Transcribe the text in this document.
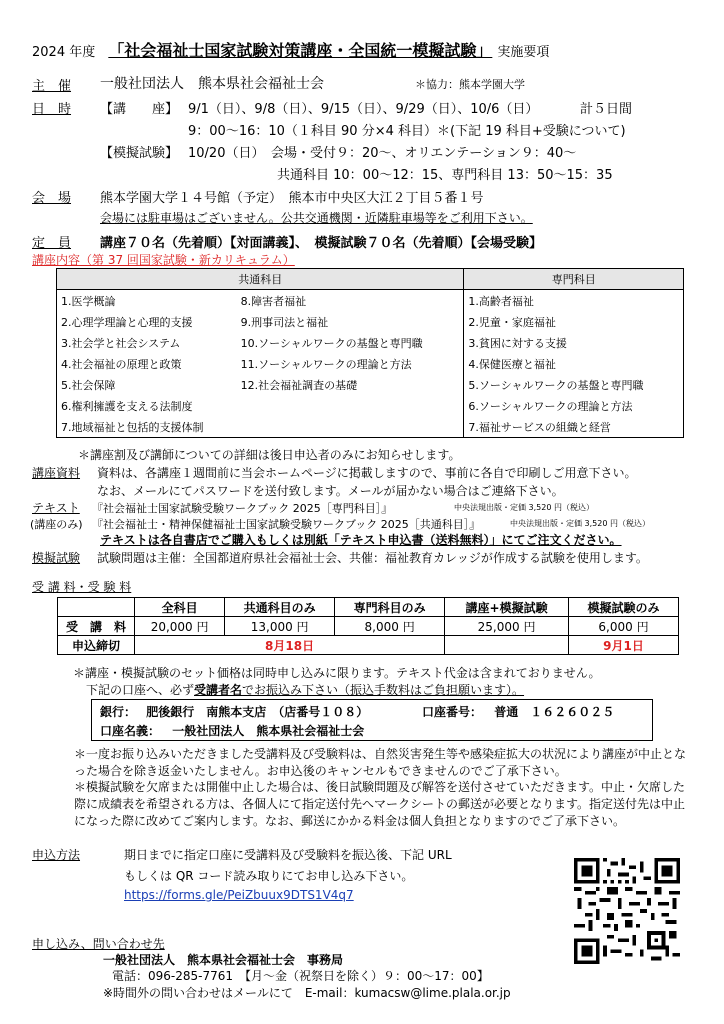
2024 年度 「社会福祉士国家試験対策講座・全国統一模擬試験」 実施要項
主　催 一般社団法人　熊本県社会福祉士会	＊協力：熊本学園大学
日　時 【講　　座】 9/1（日）、9/8（日）、9/15（日）、9/29（日）、10/6（日）	計５日間
9：00～16：10（１科目 90 分×4 科目）＊(下記 19 科目+受験について)
【模擬試験】 10/20（日）　会場・受付９：20～、オリエンテーション９：40～
共通科目 10：00～12：15、専門科目 13：50～15：35
会　場 熊本学園大学１４号館（予定）　熊本市中央区大江２丁目５番１号
会場には駐車場はございません。公共交通機関・近隣駐車場等をご利用下さい。
定　員 講座７０名（先着順）【対面講義】、　模擬試験７０名（先着順）【会場受験】
講座内容（第 37 回国家試験・新カリキュラム）
共通科目		専門科目
1.医学概論	8.障害者福祉	1.高齢者福祉
2.心理学理論と心理的支援	9.刑事司法と福祉	2.児童・家庭福祉
3.社会学と社会システム	10.ソーシャルワークの基盤と専門職	3.貧困に対する支援
4.社会福祉の原理と政策	11.ソーシャルワークの理論と方法	4.保健医療と福祉
5.社会保障	12.社会福祉調査の基礎	5.ソーシャルワークの基盤と専門職
6.権利擁護を支える法制度		6.ソーシャルワークの理論と方法
7.地域福祉と包括的支援体制		7.福祉サービスの組織と経営
＊講座割及び講師についての詳細は後日申込者のみにお知らせします。
講座資料 資料は、各講座１週間前に当会ホームページに掲載しますので、事前に各自で印刷しご用意下さい。
なお、メールにてパスワードを送付致します。メールが届かない場合はご連絡下さい。
テキスト 『社会福祉士国家試験受験ワークブック 2025［専門科目］』	中央法規出版・定価 3,520 円（税込）
(講座のみ) 『社会福祉士・精神保健福祉士国家試験受験ワークブック 2025［共通科目］』	中央法規出版・定価 3,520 円（税込）
テキストは各自書店でご購入もしくは別紙「テキスト申込書（送料無料）」にてご注文ください。
模擬試験 試験問題は主催：全国都道府県社会福祉士会、共催：福祉教育カレッジが作成する試験を使用します。
受 講 料・受 験 料
	全科目	共通科目のみ	専門科目のみ	講座+模擬試験	模擬試験のみ
受　講　料	20,000 円	13,000 円	8,000 円	25,000 円	6,000 円
申込締切	8月18日				9月1日
＊講座・模擬試験のセット価格は同時申し込みに限ります。テキスト代金は含まれておりません。
下記の口座へ、必ず受講者名でお振込み下さい（振込手数料はご負担願います）。
銀行： 肥後銀行　南熊本支店　（店番号１０８）	口座番号： 普通　１６２６０２５
口座名義： 一般社団法人　熊本県社会福祉士会
＊一度お振り込みいただきました受講料及び受験料は、自然災害発生等や感染症拡大の状況により講座が中止となった場合を除き返金いたしません。お申込後のキャンセルもできませんのでご了承下さい。
＊模擬試験を欠席または開催中止した場合は、後日試験問題及び解答を送付させていただきます。中止・欠席した際に成績表を希望される方は、各個人にて指定送付先へマークシートの郵送が必要となります。指定送付先は中止になった際に改めてご案内します。なお、郵送にかかる料金は個人負担となりますのでご了承下さい。
申込方法	期日までに指定口座に受講料及び受験料を振込後、下記 URL
もしくは QR コード読み取りにてお申し込み下さい。
https://forms.gle/PeiZbuux9DTS1V4q7
申し込み、問い合わせ先
一般社団法人　熊本県社会福祉士会　事務局
電話：096-285-7761　【月～金（祝祭日を除く）９：00～17：00】
※時間外の問い合わせはメールにて　E-mail：kumacsw@lime.plala.or.jp
